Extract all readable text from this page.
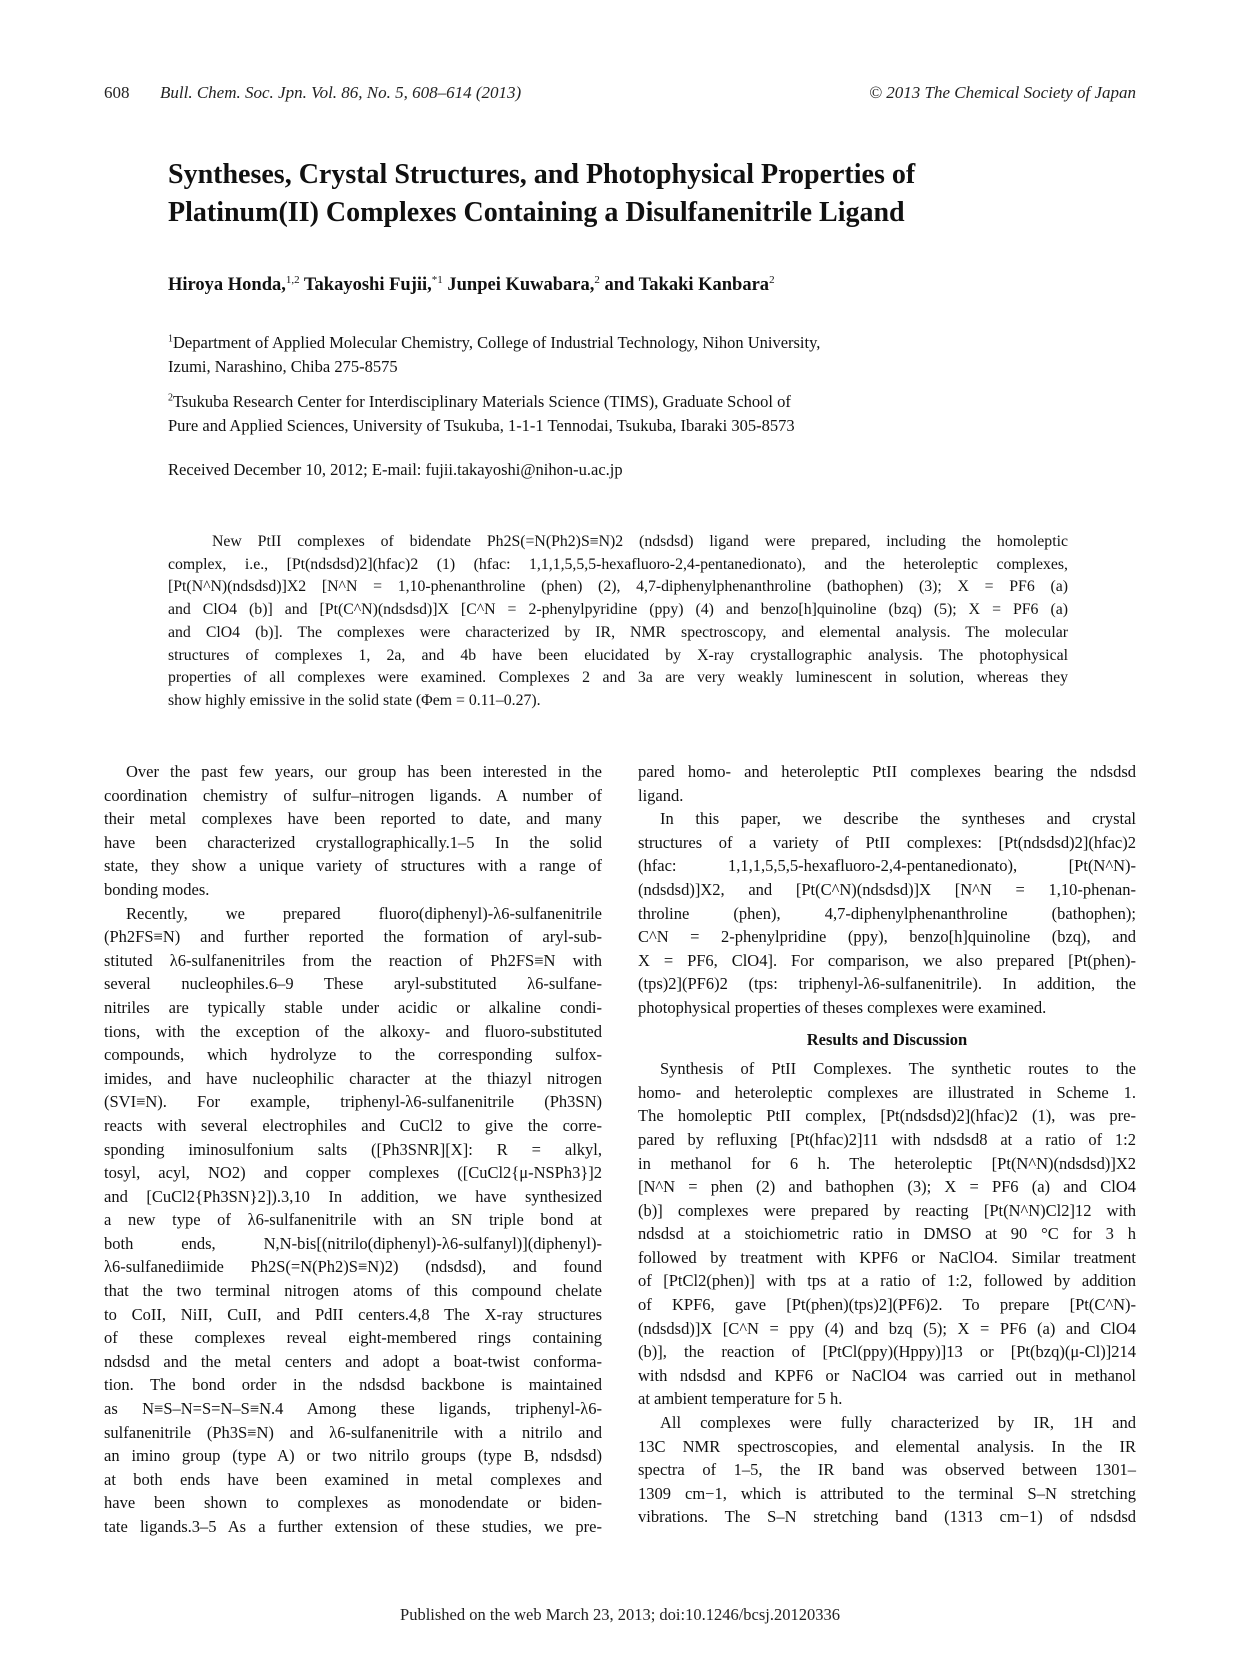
608 Bull. Chem. Soc. Jpn. Vol. 86, No. 5, 608–614 (2013)	© 2013 The Chemical Society of Japan
Syntheses, Crystal Structures, and Photophysical Properties of
Platinum(II) Complexes Containing a Disulfanenitrile Ligand
Hiroya Honda,$^{1,2}$ Takayoshi Fujii,$^{*1}$ Junpei Kuwabara,$^2$ and Takaki Kanbara$^2$
$^1$Department of Applied Molecular Chemistry, College of Industrial Technology, Nihon University,
Izumi, Narashino, Chiba 275-8575
$^2$Tsukuba Research Center for Interdisciplinary Materials Science (TIMS), Graduate School of
Pure and Applied Sciences, University of Tsukuba, 1-1-1 Tennodai, Tsukuba, Ibaraki 305-8573
Received December 10, 2012; E-mail: fujii.takayoshi@nihon-u.ac.jp
New PtII complexes of bidendate Ph2S(=N(Ph2)S≡N)2 (ndsdsd) ligand were prepared, including the homoleptic
complex, i.e., [Pt(ndsdsd)2](hfac)2 (1) (hfac: 1,1,1,5,5,5-hexafluoro-2,4-pentanedionato), and the heteroleptic complexes,
[Pt(N^N)(ndsdsd)]X2 [N^N = 1,10-phenanthroline (phen) (2), 4,7-diphenylphenanthroline (bathophen) (3); X = PF6 (a)
and ClO4 (b)] and [Pt(C^N)(ndsdsd)]X [C^N = 2-phenylpyridine (ppy) (4) and benzo[h]quinoline (bzq) (5); X = PF6 (a)
and ClO4 (b)]. The complexes were characterized by IR, NMR spectroscopy, and elemental analysis. The molecular
structures of complexes 1, 2a, and 4b have been elucidated by X-ray crystallographic analysis. The photophysical
properties of all complexes were examined. Complexes 2 and 3a are very weakly luminescent in solution, whereas they
show highly emissive in the solid state (Φem = 0.11–0.27).
Over the past few years, our group has been interested in the
coordination chemistry of sulfur–nitrogen ligands. A number of
their metal complexes have been reported to date, and many
have been characterized crystallographically.1–5 In the solid
state, they show a unique variety of structures with a range of
bonding modes.
Recently, we prepared fluoro(diphenyl)-λ6-sulfanenitrile
(Ph2FS≡N) and further reported the formation of aryl-sub-
stituted λ6-sulfanenitriles from the reaction of Ph2FS≡N with
several nucleophiles.6–9 These aryl-substituted λ6-sulfane-
nitriles are typically stable under acidic or alkaline condi-
tions, with the exception of the alkoxy- and fluoro-substituted
compounds, which hydrolyze to the corresponding sulfox-
imides, and have nucleophilic character at the thiazyl nitrogen
(SVI≡N). For example, triphenyl-λ6-sulfanenitrile (Ph3SN)
reacts with several electrophiles and CuCl2 to give the corre-
sponding iminosulfonium salts ([Ph3SNR][X]: R = alkyl,
tosyl, acyl, NO2) and copper complexes ([CuCl2{μ-NSPh3}]2
and [CuCl2{Ph3SN}2]).3,10 In addition, we have synthesized
a new type of λ6-sulfanenitrile with an SN triple bond at
both ends, N,N-bis[(nitrilo(diphenyl)-λ6-sulfanyl)](diphenyl)-
λ6-sulfanediimide Ph2S(=N(Ph2)S≡N)2) (ndsdsd), and found
that the two terminal nitrogen atoms of this compound chelate
to CoII, NiII, CuII, and PdII centers.4,8 The X-ray structures
of these complexes reveal eight-membered rings containing
ndsdsd and the metal centers and adopt a boat-twist conforma-
tion. The bond order in the ndsdsd backbone is maintained
as N≡S–N=S=N–S≡N.4 Among these ligands, triphenyl-λ6-
sulfanenitrile (Ph3S≡N) and λ6-sulfanenitrile with a nitrilo and
an imino group (type A) or two nitrilo groups (type B, ndsdsd)
at both ends have been examined in metal complexes and
have been shown to complexes as monodendate or biden-
tate ligands.3–5 As a further extension of these studies, we pre-
pared homo- and heteroleptic PtII complexes bearing the ndsdsd
ligand.
In this paper, we describe the syntheses and crystal
structures of a variety of PtII complexes: [Pt(ndsdsd)2](hfac)2
(hfac: 1,1,1,5,5,5-hexafluoro-2,4-pentanedionato), [Pt(N^N)-
(ndsdsd)]X2, and [Pt(C^N)(ndsdsd)]X [N^N = 1,10-phenan-
throline (phen), 4,7-diphenylphenanthroline (bathophen);
C^N = 2-phenylpridine (ppy), benzo[h]quinoline (bzq), and
X = PF6, ClO4]. For comparison, we also prepared [Pt(phen)-
(tps)2](PF6)2 (tps: triphenyl-λ6-sulfanenitrile). In addition, the
photophysical properties of theses complexes were examined.
Results and Discussion
Synthesis of PtII Complexes. The synthetic routes to the
homo- and heteroleptic complexes are illustrated in Scheme 1.
The homoleptic PtII complex, [Pt(ndsdsd)2](hfac)2 (1), was pre-
pared by refluxing [Pt(hfac)2]11 with ndsdsd8 at a ratio of 1:2
in methanol for 6 h. The heteroleptic [Pt(N^N)(ndsdsd)]X2
[N^N = phen (2) and bathophen (3); X = PF6 (a) and ClO4
(b)] complexes were prepared by reacting [Pt(N^N)Cl2]12 with
ndsdsd at a stoichiometric ratio in DMSO at 90 °C for 3 h
followed by treatment with KPF6 or NaClO4. Similar treatment
of [PtCl2(phen)] with tps at a ratio of 1:2, followed by addition
of KPF6, gave [Pt(phen)(tps)2](PF6)2. To prepare [Pt(C^N)-
(ndsdsd)]X [C^N = ppy (4) and bzq (5); X = PF6 (a) and ClO4
(b)], the reaction of [PtCl(ppy)(Hppy)]13 or [Pt(bzq)(μ-Cl)]214
with ndsdsd and KPF6 or NaClO4 was carried out in methanol
at ambient temperature for 5 h.
All complexes were fully characterized by IR, 1H and
13C NMR spectroscopies, and elemental analysis. In the IR
spectra of 1–5, the IR band was observed between 1301–
1309 cm−1, which is attributed to the terminal S–N stretching
vibrations. The S–N stretching band (1313 cm−1) of ndsdsd
Published on the web March 23, 2013; doi:10.1246/bcsj.20120336
